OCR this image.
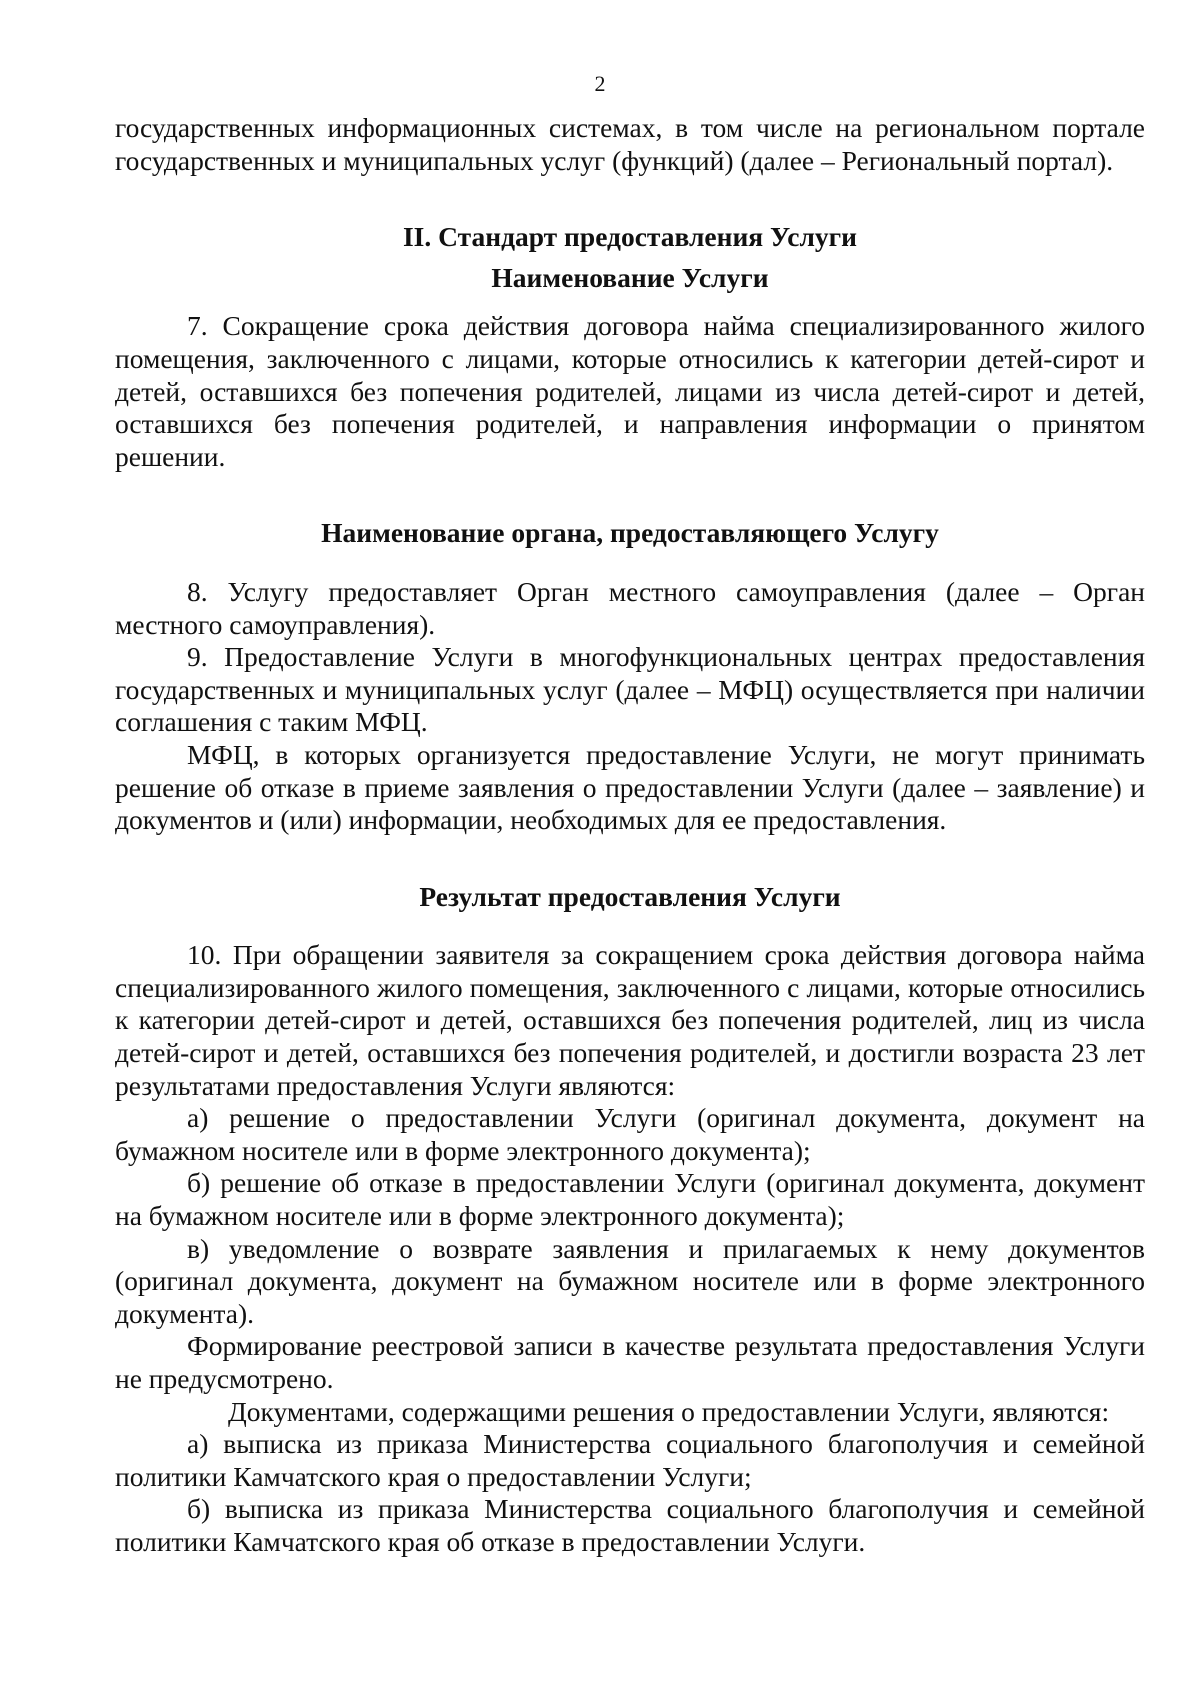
2

государственных информационных системах, в том числе на региональном портале государственных и муниципальных услуг (функций) (далее – Региональный портал).

II. Стандарт предоставления Услуги
Наименование Услуги

7. Сокращение срока действия договора найма специализированного жилого помещения, заключенного с лицами, которые относились к категории детей-сирот и детей, оставшихся без попечения родителей, лицами из числа детей-сирот и детей, оставшихся без попечения родителей, и направления информации о принятом решении.

Наименование органа, предоставляющего Услугу

8. Услугу предоставляет Орган местного самоуправления (далее – Орган местного самоуправления).

9. Предоставление Услуги в многофункциональных центрах предоставления государственных и муниципальных услуг (далее – МФЦ) осуществляется при наличии соглашения с таким МФЦ.

МФЦ, в которых организуется предоставление Услуги, не могут принимать решение об отказе в приеме заявления о предоставлении Услуги (далее – заявление) и документов и (или) информации, необходимых для ее предоставления.

Результат предоставления Услуги

10. При обращении заявителя за сокращением срока действия договора найма специализированного жилого помещения, заключенного с лицами, которые относились к категории детей-сирот и детей, оставшихся без попечения родителей, лиц из числа детей-сирот и детей, оставшихся без попечения родителей, и достигли возраста 23 лет результатами предоставления Услуги являются:

а) решение о предоставлении Услуги (оригинал документа, документ на бумажном носителе или в форме электронного документа);

б) решение об отказе в предоставлении Услуги (оригинал документа, документ на бумажном носителе или в форме электронного документа);

в) уведомление о возврате заявления и прилагаемых к нему документов (оригинал документа, документ на бумажном носителе или в форме электронного документа).

Формирование реестровой записи в качестве результата предоставления Услуги не предусмотрено.

Документами, содержащими решения о предоставлении Услуги, являются:

а) выписка из приказа Министерства социального благополучия и семейной политики Камчатского края о предоставлении Услуги;

б) выписка из приказа Министерства социального благополучия и семейной политики Камчатского края об отказе в предоставлении Услуги.
